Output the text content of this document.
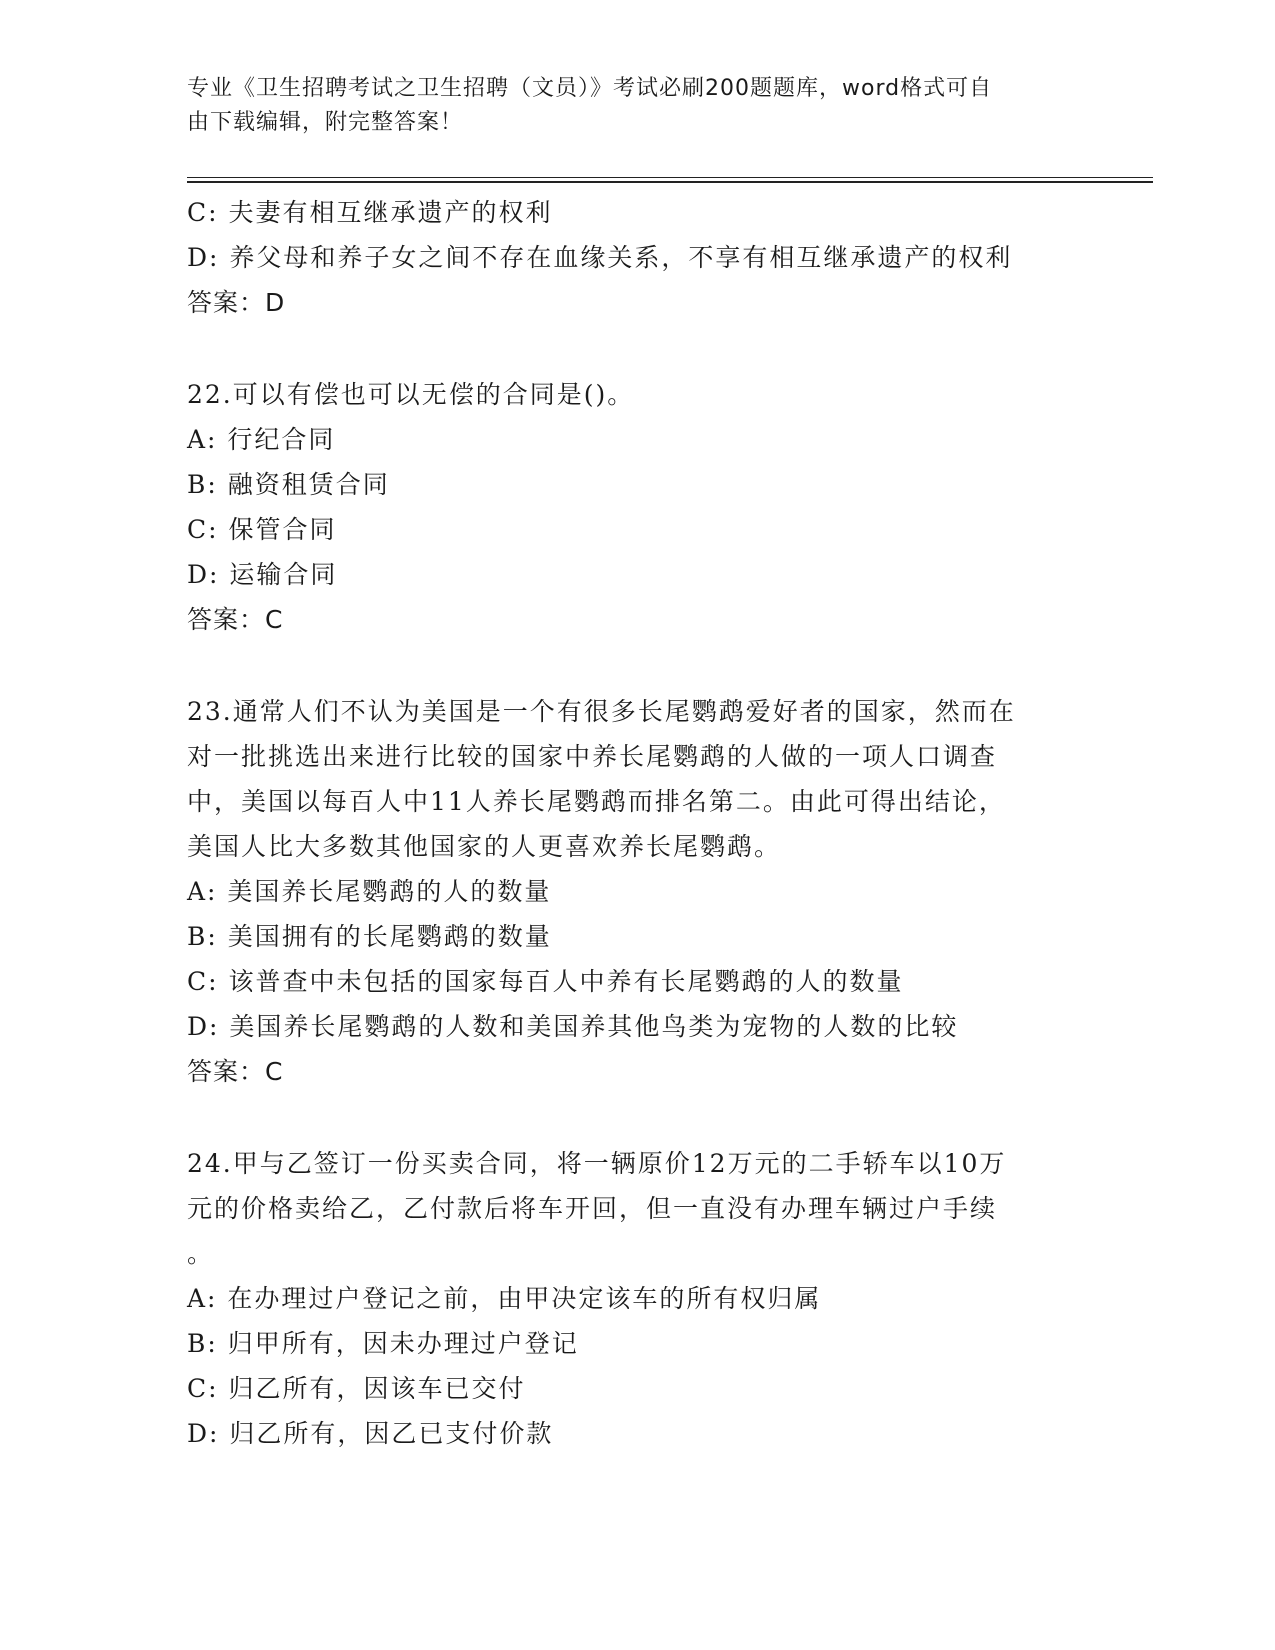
专业《卫生招聘考试之卫生招聘（文员）》考试必刷200题题库，word格式可自
由下载编辑，附完整答案！
C: 夫妻有相互继承遗产的权利
D: 养父母和养子女之间不存在血缘关系，不享有相互继承遗产的权利
答案：D
22.可以有偿也可以无偿的合同是()。
A: 行纪合同
B: 融资租赁合同
C: 保管合同
D: 运输合同
答案：C
23.通常人们不认为美国是一个有很多长尾鹦鹉爱好者的国家，然而在
对一批挑选出来进行比较的国家中养长尾鹦鹉的人做的一项人口调查
中，美国以每百人中11人养长尾鹦鹉而排名第二。由此可得出结论，
美国人比大多数其他国家的人更喜欢养长尾鹦鹉。
A: 美国养长尾鹦鹉的人的数量
B: 美国拥有的长尾鹦鹉的数量
C: 该普查中未包括的国家每百人中养有长尾鹦鹉的人的数量
D: 美国养长尾鹦鹉的人数和美国养其他鸟类为宠物的人数的比较
答案：C
24.甲与乙签订一份买卖合同，将一辆原价12万元的二手轿车以10万
元的价格卖给乙，乙付款后将车开回，但一直没有办理车辆过户手续
。
A: 在办理过户登记之前，由甲决定该车的所有权归属
B: 归甲所有，因未办理过户登记
C: 归乙所有，因该车已交付
D: 归乙所有，因乙已支付价款
